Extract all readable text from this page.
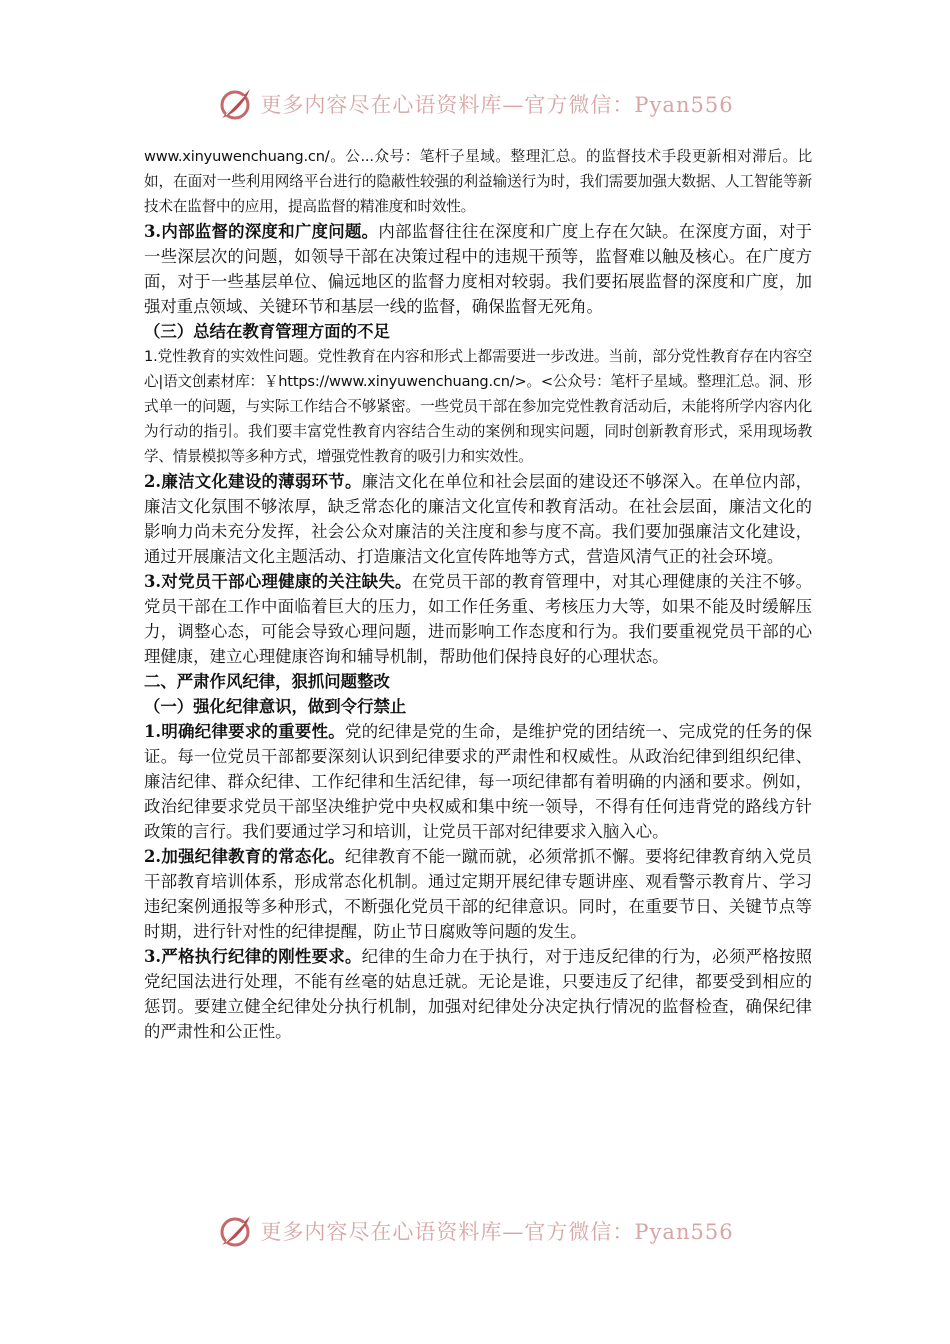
更多内容尽在心语资料库—官方微信：Pyan556

www.xinyuwenchuang.cn/。公...众号：笔杆子星域。整理汇总。的监督技术手段更新相对滞后。比如，在面对一些利用网络平台进行的隐蔽性较强的利益输送行为时，我们需要加强大数据、人工智能等新技术在监督中的应用，提高监督的精准度和时效性。

3.内部监督的深度和广度问题。内部监督往往在深度和广度上存在欠缺。在深度方面，对于一些深层次的问题，如领导干部在决策过程中的违规干预等，监督难以触及核心。在广度方面，对于一些基层单位、偏远地区的监督力度相对较弱。我们要拓展监督的深度和广度，加强对重点领域、关键环节和基层一线的监督，确保监督无死角。

（三）总结在教育管理方面的不足

1.党性教育的实效性问题。党性教育在内容和形式上都需要进一步改进。当前，部分党性教育存在内容空心|语文创素材库：￥https://www.xinyuwenchuang.cn/>。<公众号：笔杆子星域。整理汇总。洞、形式单一的问题，与实际工作结合不够紧密。一些党员干部在参加完党性教育活动后，未能将所学内容内化为行动的指引。我们要丰富党性教育内容结合生动的案例和现实问题，同时创新教育形式，采用现场教学、情景模拟等多种方式，增强党性教育的吸引力和实效性。

2.廉洁文化建设的薄弱环节。廉洁文化在单位和社会层面的建设还不够深入。在单位内部，廉洁文化氛围不够浓厚，缺乏常态化的廉洁文化宣传和教育活动。在社会层面，廉洁文化的影响力尚未充分发挥，社会公众对廉洁的关注度和参与度不高。我们要加强廉洁文化建设，通过开展廉洁文化主题活动、打造廉洁文化宣传阵地等方式，营造风清气正的社会环境。

3.对党员干部心理健康的关注缺失。在党员干部的教育管理中，对其心理健康的关注不够。党员干部在工作中面临着巨大的压力，如工作任务重、考核压力大等，如果不能及时缓解压力，调整心态，可能会导致心理问题，进而影响工作态度和行为。我们要重视党员干部的心理健康，建立心理健康咨询和辅导机制，帮助他们保持良好的心理状态。

二、严肃作风纪律，狠抓问题整改

（一）强化纪律意识，做到令行禁止

1.明确纪律要求的重要性。党的纪律是党的生命，是维护党的团结统一、完成党的任务的保证。每一位党员干部都要深刻认识到纪律要求的严肃性和权威性。从政治纪律到组织纪律、廉洁纪律、群众纪律、工作纪律和生活纪律，每一项纪律都有着明确的内涵和要求。例如，政治纪律要求党员干部坚决维护党中央权威和集中统一领导，不得有任何违背党的路线方针政策的言行。我们要通过学习和培训，让党员干部对纪律要求入脑入心。

2.加强纪律教育的常态化。纪律教育不能一蹴而就，必须常抓不懈。要将纪律教育纳入党员干部教育培训体系，形成常态化机制。通过定期开展纪律专题讲座、观看警示教育片、学习违纪案例通报等多种形式，不断强化党员干部的纪律意识。同时，在重要节日、关键节点等时期，进行针对性的纪律提醒，防止节日腐败等问题的发生。

3.严格执行纪律的刚性要求。纪律的生命力在于执行，对于违反纪律的行为，必须严格按照党纪国法进行处理，不能有丝毫的姑息迁就。无论是谁，只要违反了纪律，都要受到相应的惩罚。要建立健全纪律处分执行机制，加强对纪律处分决定执行情况的监督检查，确保纪律的严肃性和公正性。

更多内容尽在心语资料库—官方微信：Pyan556
